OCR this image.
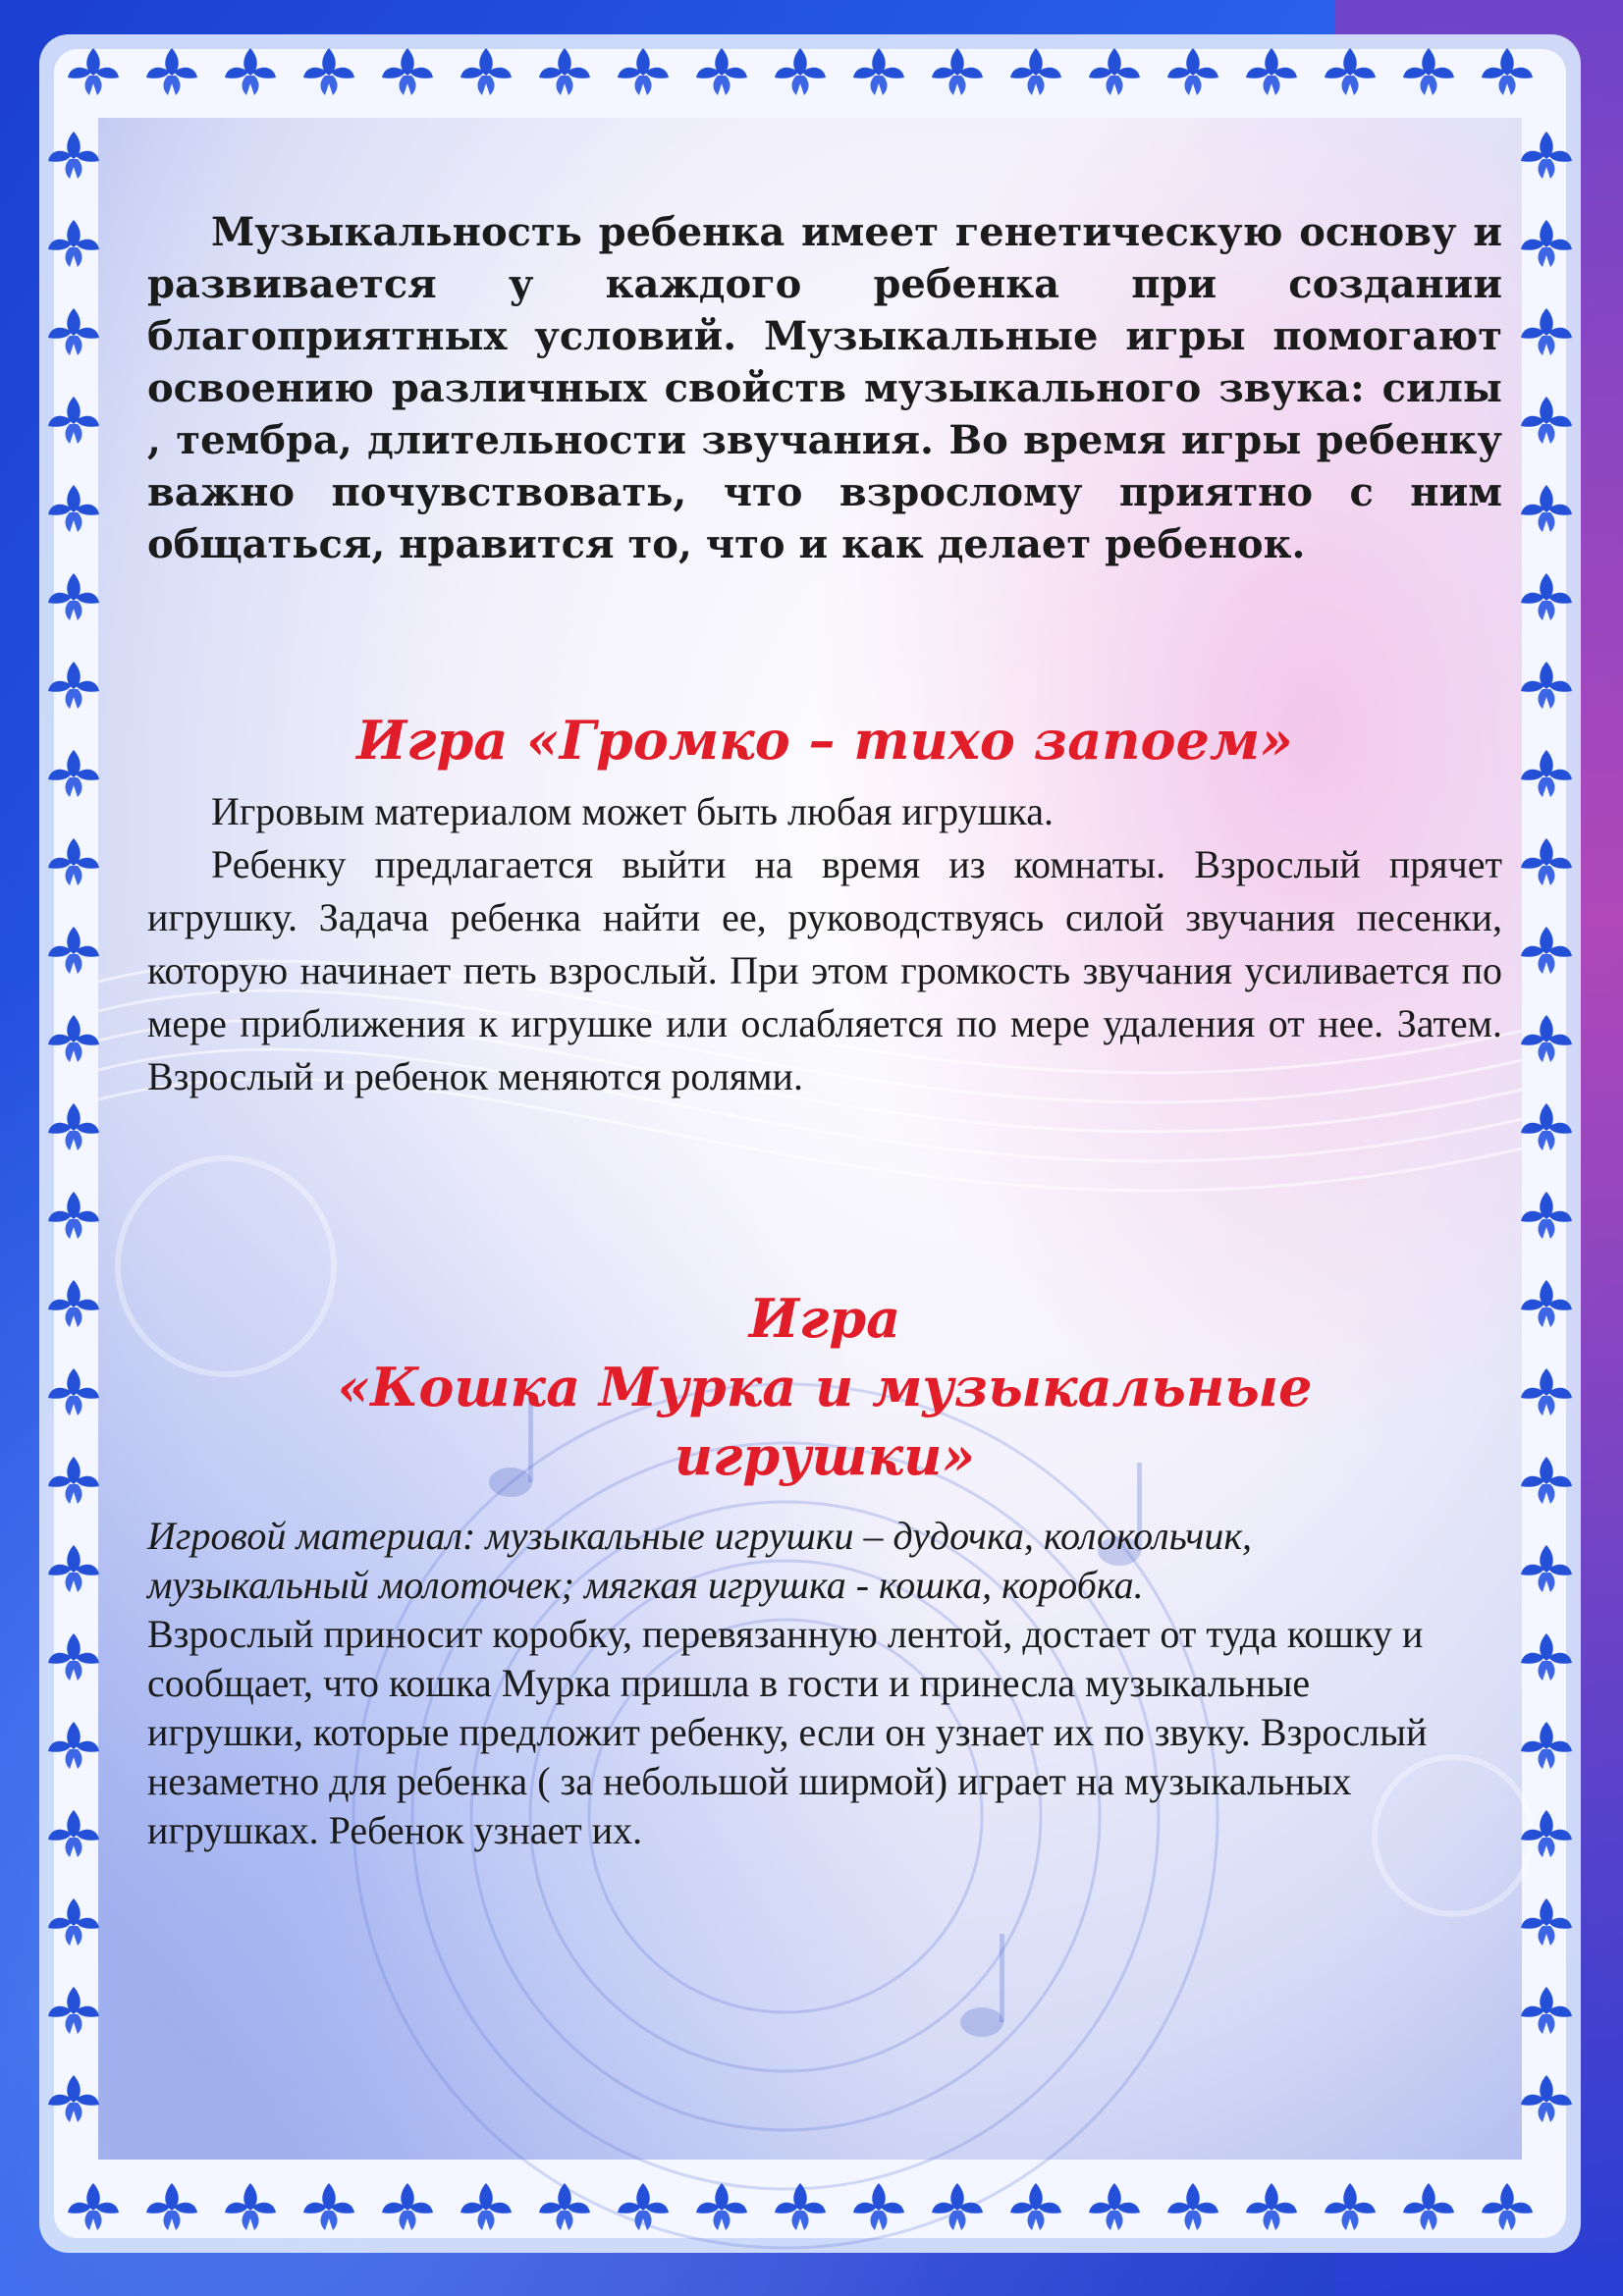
Музыкальность ребенка имеет генетическую основу и развивается у каждого ребенка при создании благоприятных условий. Музыкальные игры помогают освоению различных свойств музыкального звука: силы , тембра, длительности звучания. Во время игры ребенку важно почувствовать, что взрослому приятно с ним общаться, нравится то, что и как делает ребенок.

Игра «Громко – тихо запоем»

Игровым материалом может быть любая игрушка.

Ребенку предлагается выйти на время из комнаты. Взрослый прячет игрушку. Задача ребенка найти ее, руководствуясь силой звучания песенки, которую начинает петь взрослый. При этом громкость звучания усиливается по мере приближения к игрушке или ослабляется по мере удаления от нее. Затем. Взрослый и ребенок меняются ролями.

Игра
«Кошка Мурка и музыкальные
игрушки»

Игровой материал: музыкальные игрушки – дудочка, колокольчик, музыкальный молоточек; мягкая игрушка - кошка, коробка.

Взрослый приносит коробку, перевязанную лентой, достает от туда кошку и сообщает, что кошка Мурка пришла в гости и принесла музыкальные игрушки, которые предложит ребенку, если он узнает их по звуку. Взрослый незаметно для ребенка ( за небольшой ширмой) играет на музыкальных игрушках. Ребенок узнает их.
